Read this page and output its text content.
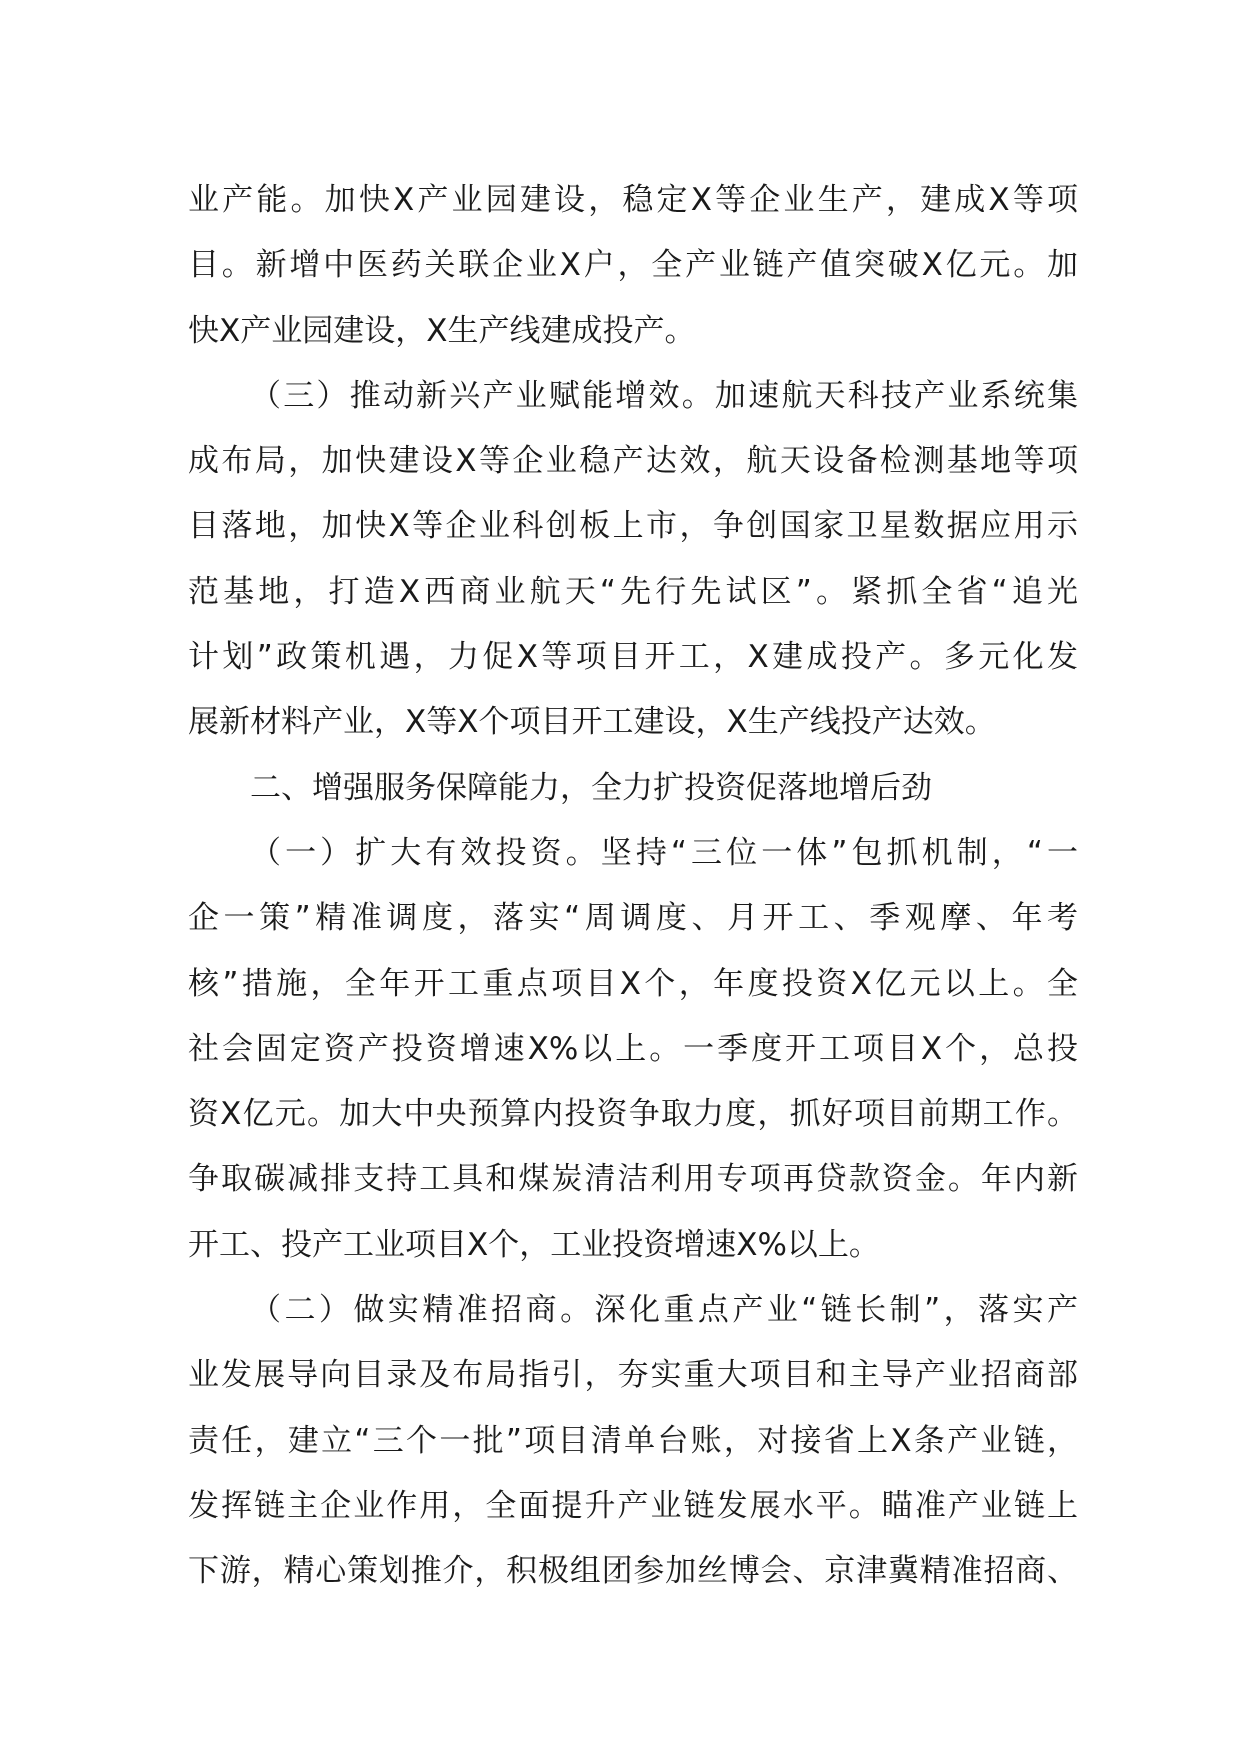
业产能。加快X产业园建设，稳定X等企业生产，建成X等项
目。新增中医药关联企业X户，全产业链产值突破X亿元。加
快X产业园建设，X生产线建成投产。
（三）推动新兴产业赋能增效。加速航天科技产业系统集
成布局，加快建设X等企业稳产达效，航天设备检测基地等项
目落地，加快X等企业科创板上市，争创国家卫星数据应用示
范基地，打造X西商业航天“先行先试区”。紧抓全省“追光
计划”政策机遇，力促X等项目开工，X建成投产。多元化发
展新材料产业，X等X个项目开工建设，X生产线投产达效。
二、增强服务保障能力，全力扩投资促落地增后劲
（一）扩大有效投资。坚持“三位一体”包抓机制，“一
企一策”精准调度，落实“周调度、月开工、季观摩、年考
核”措施，全年开工重点项目X个，年度投资X亿元以上。全
社会固定资产投资增速X%以上。一季度开工项目X个，总投
资X亿元。加大中央预算内投资争取力度，抓好项目前期工作。
争取碳减排支持工具和煤炭清洁利用专项再贷款资金。年内新
开工、投产工业项目X个，工业投资增速X%以上。
（二）做实精准招商。深化重点产业“链长制”，落实产
业发展导向目录及布局指引，夯实重大项目和主导产业招商部
责任，建立“三个一批”项目清单台账，对接省上X条产业链，
发挥链主企业作用，全面提升产业链发展水平。瞄准产业链上
下游，精心策划推介，积极组团参加丝博会、京津冀精准招商、
